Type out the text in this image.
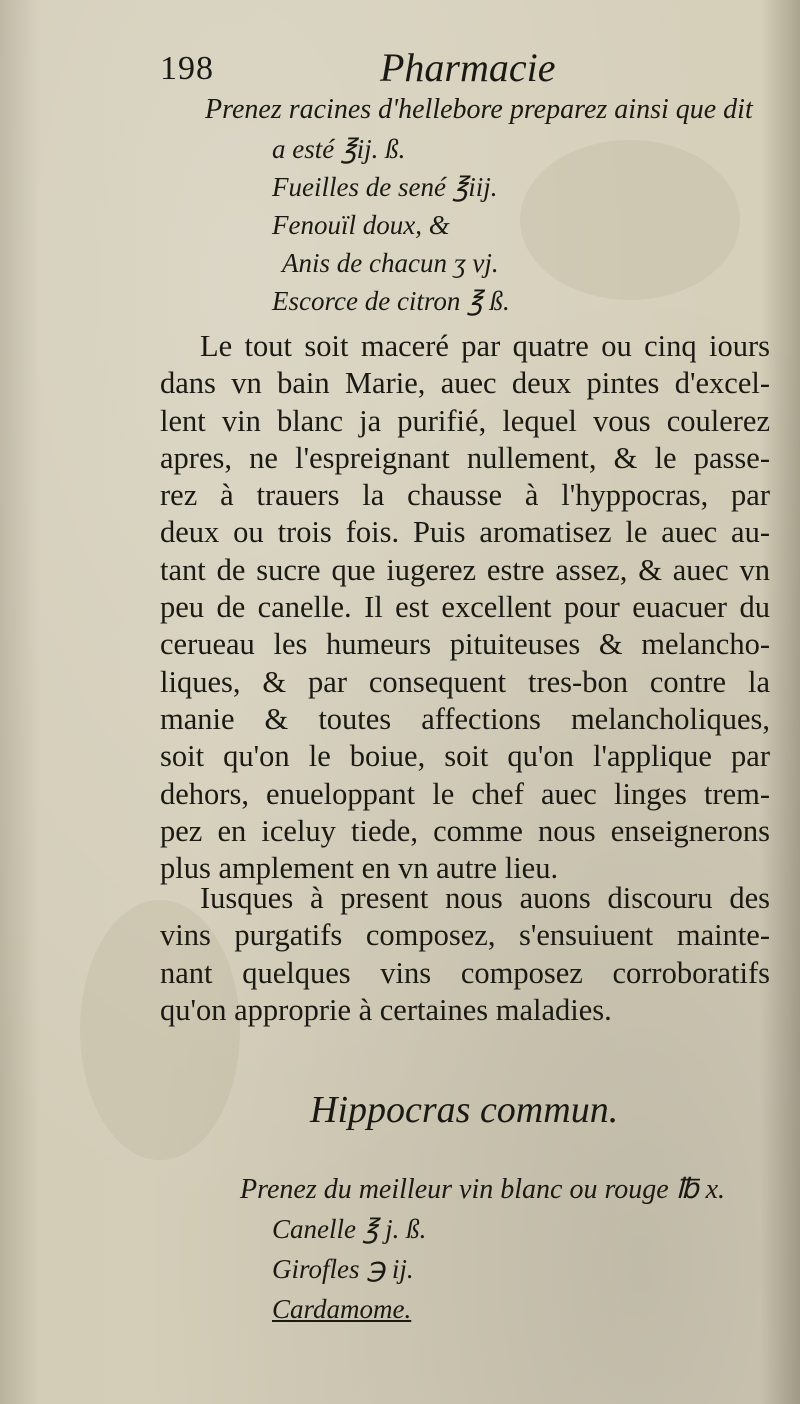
198	Pharmacie
Prenez racines d'hellebore preparez ainsi que dit
a esté ℥ij. ß.
Fueilles de sené ℥iij.
Fenouïl doux, &
Anis de chacun ʒ vj.
Escorce de citron ℥ ß.
Le tout soit maceré par quatre ou cinq iours
dans vn bain Marie, auec deux pintes d'excel-
lent vin blanc ja purifié, lequel vous coulerez
apres, ne l'espreignant nullement, & le passe-
rez à trauers la chausse à l'hyppocras, par
deux ou trois fois. Puis aromatisez le auec au-
tant de sucre que iugerez estre assez, & auec vn
peu de canelle. Il est excellent pour euacuer du
cerueau les humeurs pituiteuses & melancho-
liques, & par consequent tres-bon contre la
manie & toutes affections melancholiques,
soit qu'on le boiue, soit qu'on l'applique par
dehors, enueloppant le chef auec linges trem-
pez en iceluy tiede, comme nous enseignerons
plus amplement en vn autre lieu.
Iusques à present nous auons discouru des
vins purgatifs composez, s'ensuiuent mainte-
nant quelques vins composez corroboratifs
qu'on approprie à certaines maladies.
Hippocras commun.
Prenez du meilleur vin blanc ou rouge ℔ x.
Canelle ℥ j. ß.
Girofles ℈ ij.
Cardamome.
